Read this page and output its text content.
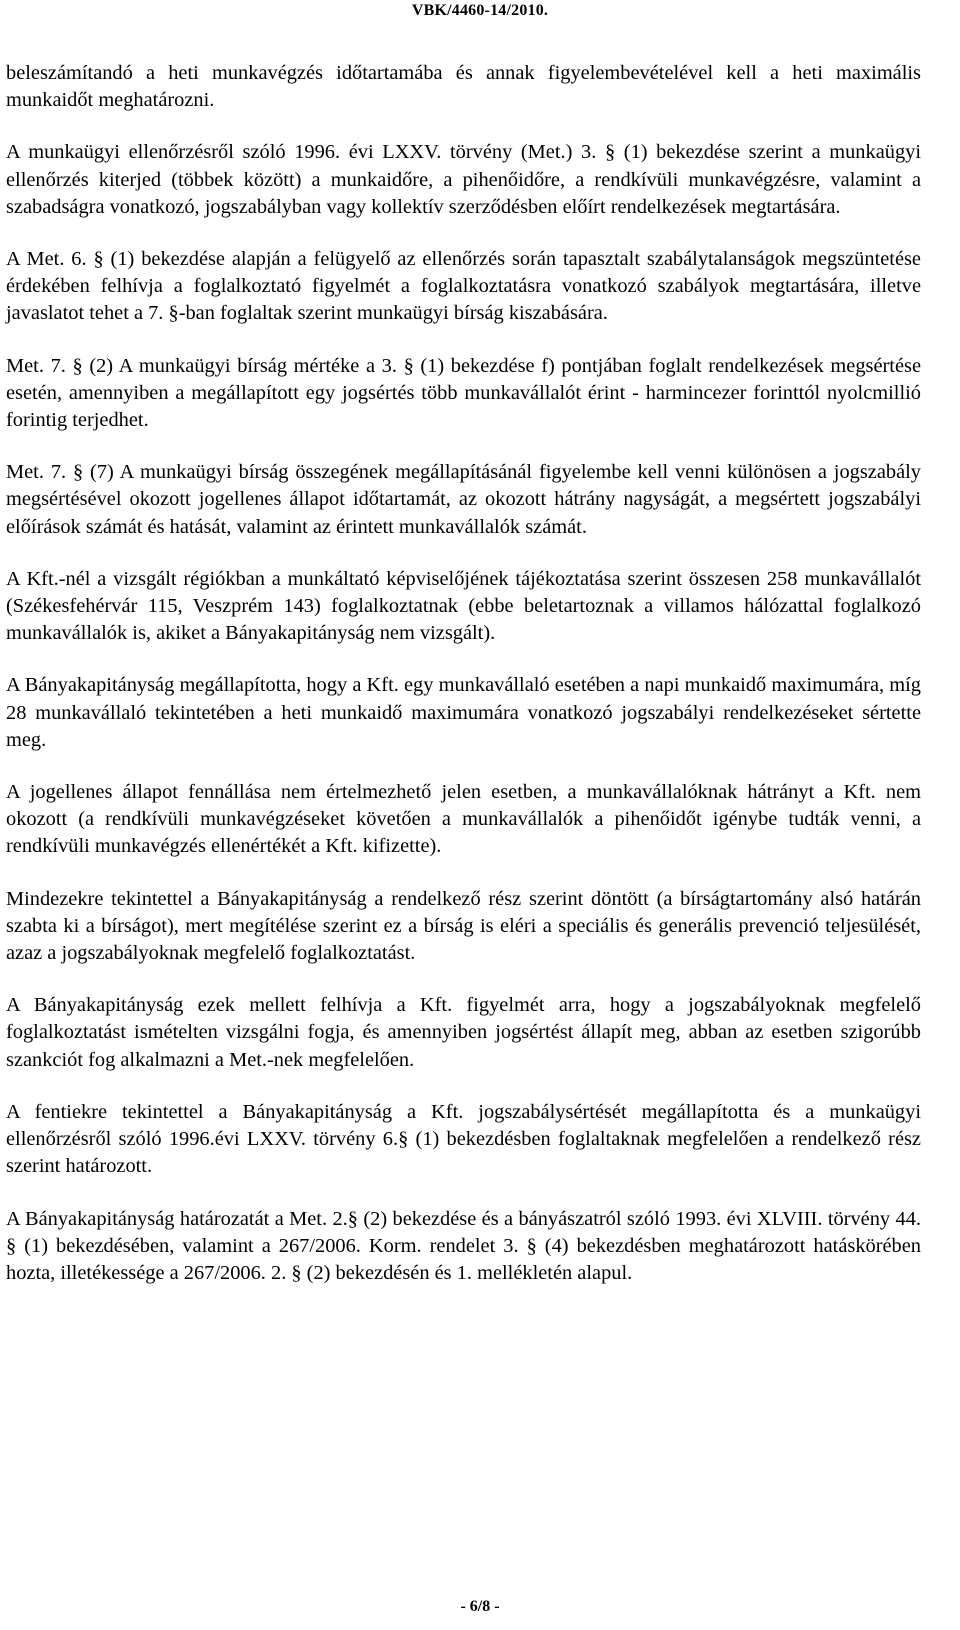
VBK/4460-14/2010.

beleszámítandó a heti munkavégzés időtartamába és annak figyelembevételével kell a heti maximális munkaidőt meghatározni.

A munkaügyi ellenőrzésről szóló 1996. évi LXXV. törvény (Met.) 3. § (1) bekezdése szerint a munkaügyi ellenőrzés kiterjed (többek között) a munkaidőre, a pihenőidőre, a rendkívüli munkavégzésre, valamint a szabadságra vonatkozó, jogszabályban vagy kollektív szerződésben előírt rendelkezések megtartására.

A Met. 6. § (1) bekezdése alapján a felügyelő az ellenőrzés során tapasztalt szabálytalanságok megszüntetése érdekében felhívja a foglalkoztató figyelmét a foglalkoztatásra vonatkozó szabályok megtartására, illetve javaslatot tehet a 7. §-ban foglaltak szerint munkaügyi bírság kiszabására.

Met. 7. § (2) A munkaügyi bírság mértéke a 3. § (1) bekezdése f) pontjában foglalt rendelkezések megsértése esetén, amennyiben a megállapított egy jogsértés több munkavállalót érint - harmincezer forinttól nyolcmillió forintig terjedhet.

Met. 7. § (7) A munkaügyi bírság összegének megállapításánál figyelembe kell venni különösen a jogszabály megsértésével okozott jogellenes állapot időtartamát, az okozott hátrány nagyságát, a megsértett jogszabályi előírások számát és hatását, valamint az érintett munkavállalók számát.

A Kft.-nél a vizsgált régiókban a munkáltató képviselőjének tájékoztatása szerint összesen 258 munkavállalót (Székesfehérvár 115, Veszprém 143) foglalkoztatnak (ebbe beletartoznak a villamos hálózattal foglalkozó munkavállalók is, akiket a Bányakapitányság nem vizsgált).

A Bányakapitányság megállapította, hogy a Kft. egy munkavállaló esetében a napi munkaidő maximumára, míg 28 munkavállaló tekintetében a heti munkaidő maximumára vonatkozó jogszabályi rendelkezéseket sértette meg.

A jogellenes állapot fennállása nem értelmezhető jelen esetben, a munkavállalóknak hátrányt a Kft. nem okozott (a rendkívüli munkavégzéseket követően a munkavállalók a pihenőidőt igénybe tudták venni, a rendkívüli munkavégzés ellenértékét a Kft. kifizette).

Mindezekre tekintettel a Bányakapitányság a rendelkező rész szerint döntött (a bírságtartomány alsó határán szabta ki a bírságot), mert megítélése szerint ez a bírság is eléri a speciális és generális prevenció teljesülését, azaz a jogszabályoknak megfelelő foglalkoztatást.

A Bányakapitányság ezek mellett felhívja a Kft. figyelmét arra, hogy a jogszabályoknak megfelelő foglalkoztatást ismételten vizsgálni fogja, és amennyiben jogsértést állapít meg, abban az esetben szigorúbb szankciót fog alkalmazni a Met.-nek megfelelően.

A fentiekre tekintettel a Bányakapitányság a Kft. jogszabálysértését megállapította és a munkaügyi ellenőrzésről szóló 1996.évi LXXV. törvény 6.§ (1) bekezdésben foglaltaknak megfelelően a rendelkező rész szerint határozott.

A Bányakapitányság határozatát a Met. 2.§ (2) bekezdése és a bányászatról szóló 1993. évi XLVIII. törvény 44. § (1) bekezdésében, valamint a 267/2006. Korm. rendelet 3. § (4) bekezdésben meghatározott hatáskörében hozta, illetékessége a 267/2006. 2. § (2) bekezdésén és 1. mellékletén alapul.

- 6/8 -
